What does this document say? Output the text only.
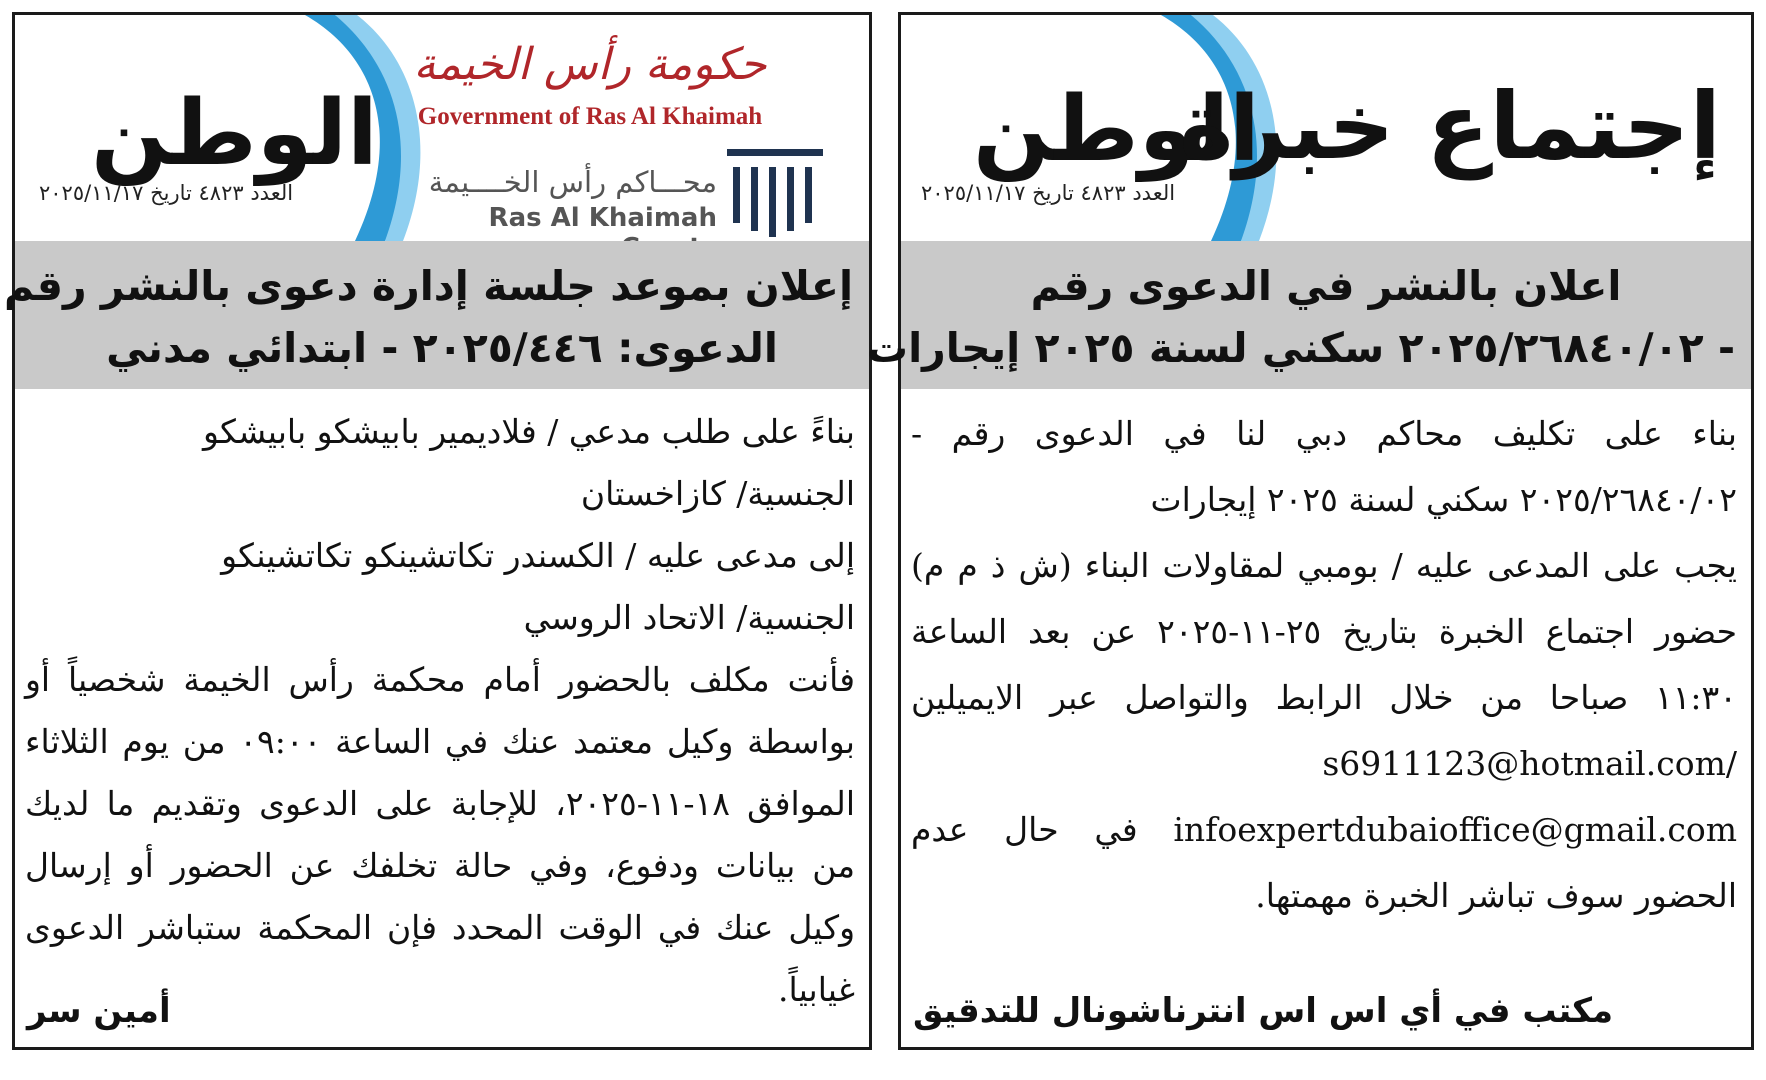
الوطن
العدد ٤٨٢٣ تاريخ ٢٠٢٥/١١/١٧
حكومة رأس الخيمة
Government of Ras Al Khaimah
محـــاكم رأس الخــــيمة
Ras Al Khaimah
إعلان بموعد جلسة إدارة دعوى بالنشر رقم
الدعوى: ٢٠٢٥/٤٤٦ - ابتدائي مدني

بناءً على طلب مدعي / فلاديمير بابيشكو بابيشكو

الجنسية/ كازاخستان

إلى مدعى عليه / الكسندر تكاتشينكو تكاتشينكو

الجنسية/ الاتحاد الروسي

فأنت مكلف بالحضور أمام محكمة رأس الخيمة شخصياً أو بواسطة وكيل معتمد عنك في الساعة ٠٩:٠٠ من يوم الثلاثاء الموافق ١٨-١١-٢٠٢٥، للإجابة على الدعوى وتقديم ما لديك من بيانات ودفوع، وفي حالة تخلفك عن الحضور أو إرسال وكيل عنك في الوقت المحدد فإن المحكمة ستباشر الدعوى غيابياً.

أمين سر
الوطن
العدد ٤٨٢٣ تاريخ ٢٠٢٥/١١/١٧
إجتماع خبرة
اعلان بالنشر في الدعوى رقم
- ٢٠٢٥/٢٦٨٤٠/٠٢ سكني لسنة ٢٠٢٥ إيجارات

بناء على تكليف محاكم دبي لنا في الدعوى رقم - ٢٠٢٥/٢٦٨٤٠/٠٢ سكني لسنة ٢٠٢٥ إيجارات

يجب على المدعى عليه / بومبي لمقاولات البناء (ش ذ م م) حضور اجتماع الخبرة بتاريخ ٢٥-١١-٢٠٢٥ عن بعد الساعة ١١:٣٠ صباحا من خلال الرابط والتواصل عبر الايميلين s6911123@hotmail.com/ infoexpertdubaioffice@gmail.com في حال عدم الحضور سوف تباشر الخبرة مهمتها.

مكتب في أي اس اس انترناشونال للتدقيق
